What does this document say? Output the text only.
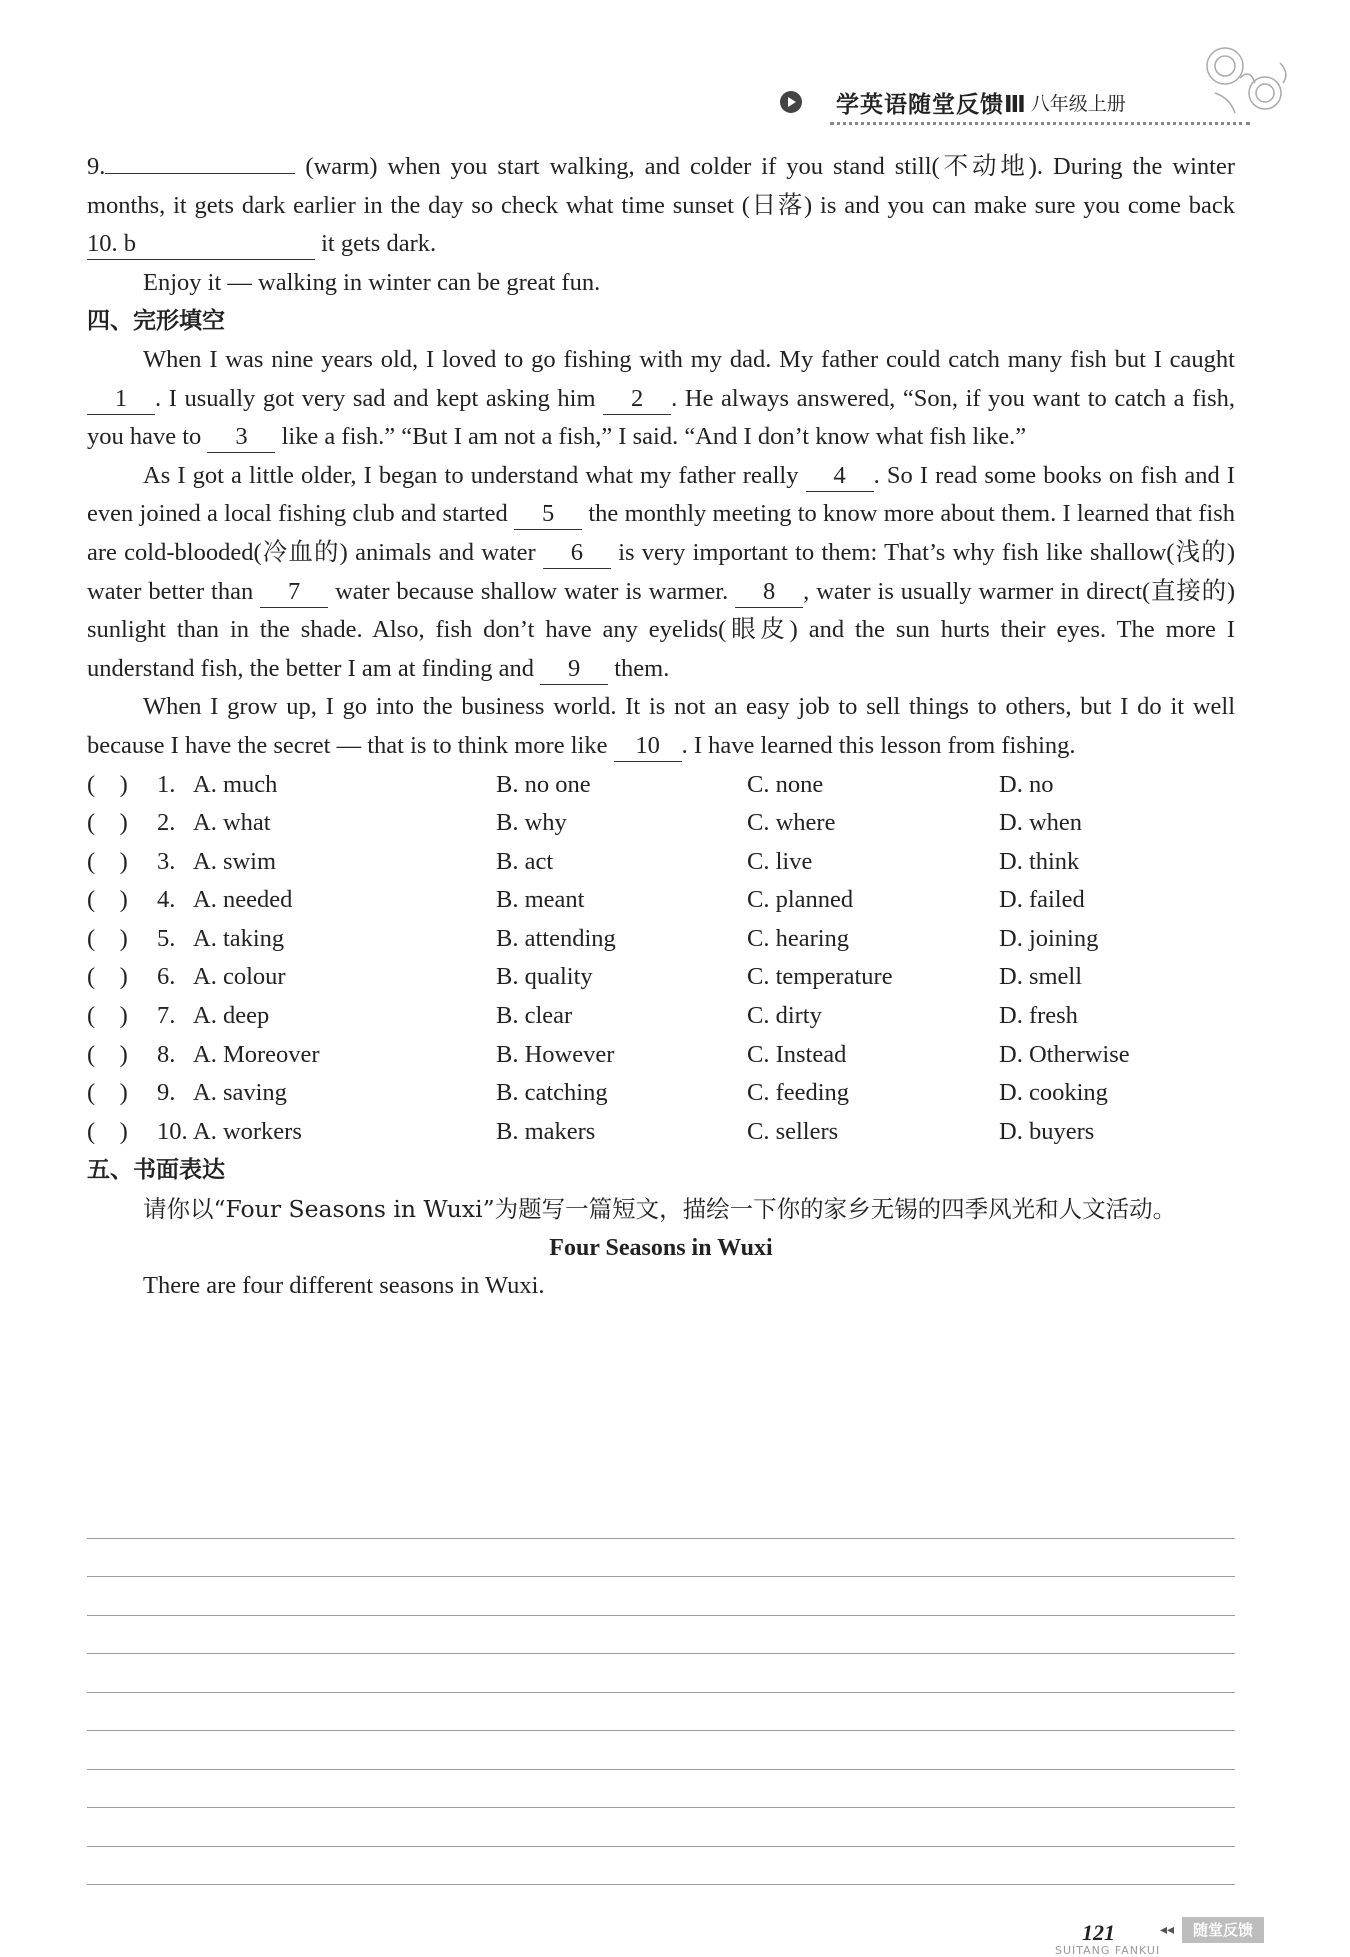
学英语随堂反馈Ⅲ 八年级上册

9.	(warm) when you start walking, and colder if you stand still(不动地). During the winter months, it gets dark earlier in the day so check what time sunset (日落) is and you can make sure you come back 10. b	it gets dark.

Enjoy it — walking in winter can be great fun.

四、完形填空

When I was nine years old, I loved to go fishing with my dad. My father could catch many fish but I caught 1 . I usually got very sad and kept asking him 2 . He always answered, “Son, if you want to catch a fish, you have to 3 like a fish.” “But I am not a fish,” I said. “And I don’t know what fish like.”

As I got a little older, I began to understand what my father really 4 . So I read some books on fish and I even joined a local fishing club and started 5 the monthly meeting to know more about them. I learned that fish are cold-blooded(冷血的) animals and water 6 is very important to them: That’s why fish like shallow(浅的) water better than 7 water because shallow water is warmer. 8 , water is usually warmer in direct(直接的) sunlight than in the shade. Also, fish don’t have any eyelids(眼皮) and the sun hurts their eyes. The more I understand fish, the better I am at finding and 9 them.

When I grow up, I go into the business world. It is not an easy job to sell things to others, but I do it well because I have the secret — that is to think more like 10 . I have learned this lesson from fishing.

(    )	1. A. much	B. no one	C. none	D. no
(    )	2. A. what	B. why	C. where	D. when
(    )	3. A. swim	B. act	C. live	D. think
(    )	4. A. needed	B. meant	C. planned	D. failed
(    )	5. A. taking	B. attending	C. hearing	D. joining
(    )	6. A. colour	B. quality	C. temperature	D. smell
(    )	7. A. deep	B. clear	C. dirty	D. fresh
(    )	8. A. Moreover	B. However	C. Instead	D. Otherwise
(    )	9. A. saving	B. catching	C. feeding	D. cooking
(    )	10. A. workers	B. makers	C. sellers	D. buyers

五、书面表达

请你以“Four Seasons in Wuxi”为题写一篇短文，描绘一下你的家乡无锡的四季风光和人文活动。

Four Seasons in Wuxi

There are four different seasons in Wuxi.

121	◂◂	随堂反馈
SUITANG FANKUI
